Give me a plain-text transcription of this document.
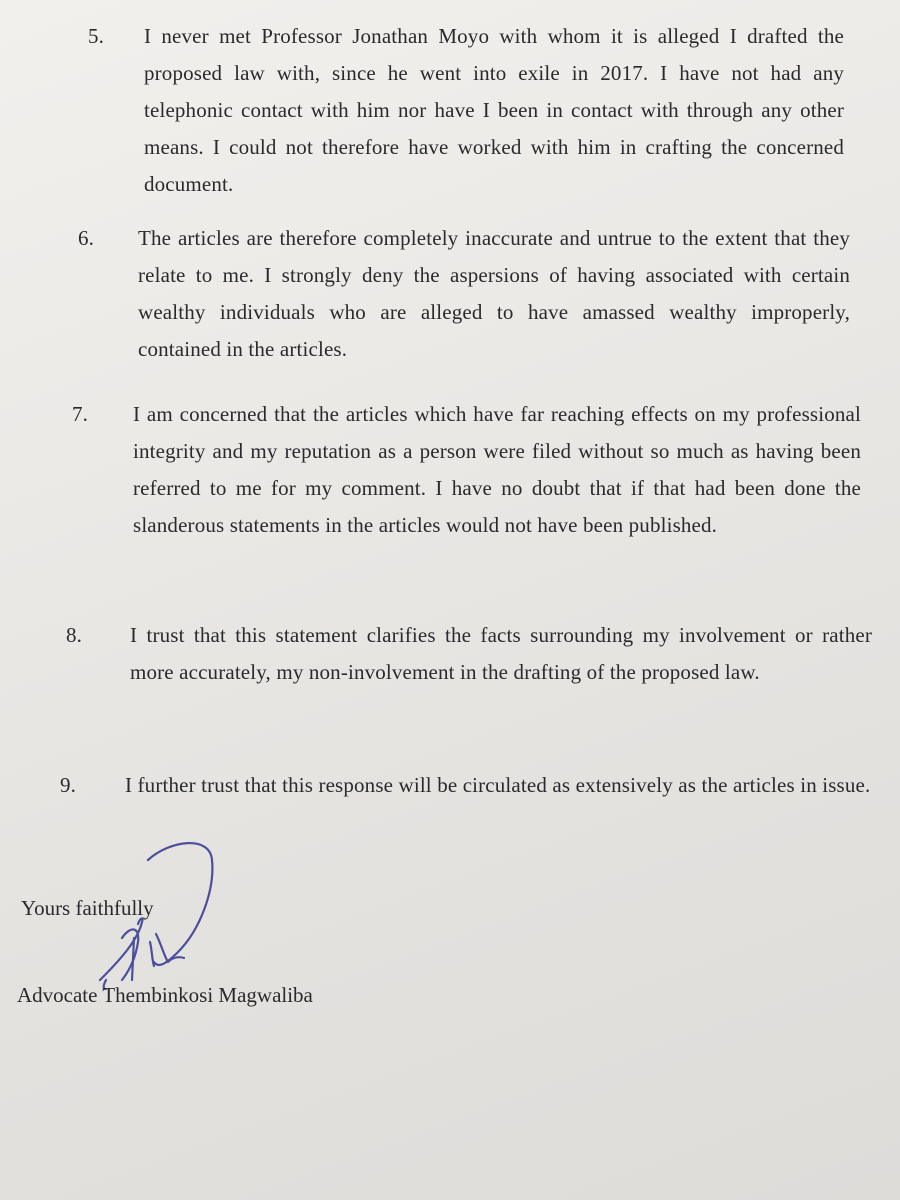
5. I never met Professor Jonathan Moyo with whom it is alleged I drafted the proposed law with, since he went into exile in 2017. I have not had any telephonic contact with him nor have I been in contact with through any other means. I could not therefore have worked with him in crafting the concerned document.
6. The articles are therefore completely inaccurate and untrue to the extent that they relate to me. I strongly deny the aspersions of having associated with certain wealthy individuals who are alleged to have amassed wealthy improperly, contained in the articles.
7. I am concerned that the articles which have far reaching effects on my professional integrity and my reputation as a person were filed without so much as having been referred to me for my comment. I have no doubt that if that had been done the slanderous statements in the articles would not have been published.
8. I trust that this statement clarifies the facts surrounding my involvement or rather more accurately, my non-involvement in the drafting of the proposed law.
9. I further trust that this response will be circulated as extensively as the articles in issue.
Yours faithfully
Advocate Thembinkosi Magwaliba
